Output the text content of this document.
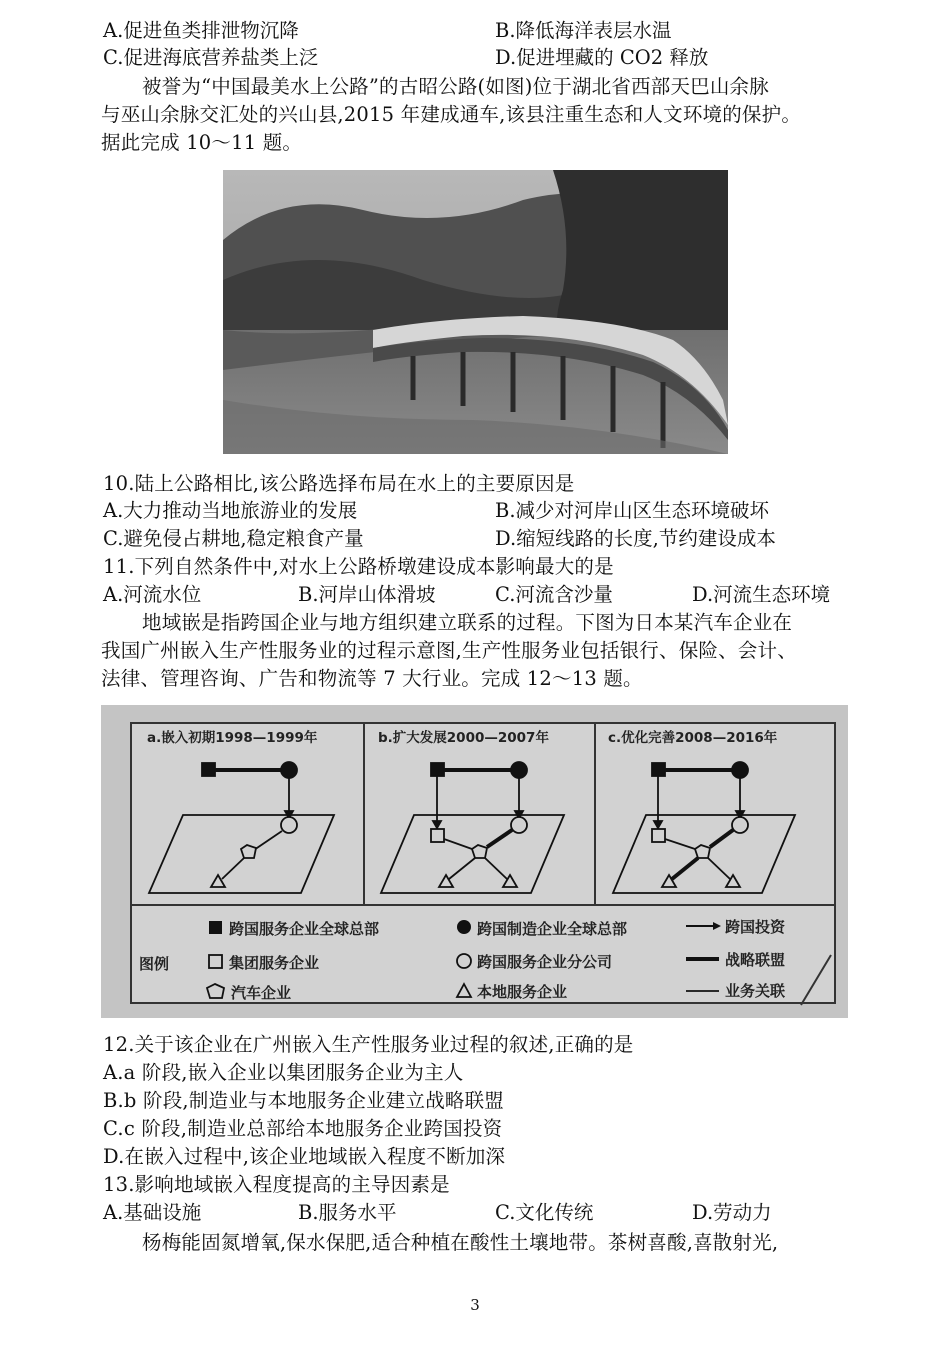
A.促进鱼类排泄物沉降	B.降低海洋表层水温
C.促进海底营养盐类上泛	D.促进埋藏的 CO2 释放
被誉为“中国最美水上公路”的古昭公路(如图)位于湖北省西部天巴山余脉
与巫山余脉交汇处的兴山县,2015 年建成通车,该县注重生态和人文环境的保护。
据此完成 10～11 题。
10.陆上公路相比,该公路选择布局在水上的主要原因是
A.大力推动当地旅游业的发展	B.减少对河岸山区生态环境破坏
C.避免侵占耕地,稳定粮食产量	D.缩短线路的长度,节约建设成本
11.下列自然条件中,对水上公路桥墩建设成本影响最大的是
A.河流水位	B.河岸山体滑坡	C.河流含沙量	D.河流生态环境
地域嵌是指跨国企业与地方组织建立联系的过程。下图为日本某汽车企业在
我国广州嵌入生产性服务业的过程示意图,生产性服务业包括银行、保险、会计、
法律、管理咨询、广告和物流等 7 大行业。完成 12～13 题。
a.嵌入初期1998—1999年	b.扩大发展2000—2007年	c.优化完善2008—2016年
图例
跨国服务企业全球总部	跨国制造企业全球总部	跨国投资
集团服务企业	跨国服务企业分公司	战略联盟
汽车企业	本地服务企业	业务关联
12.关于该企业在广州嵌入生产性服务业过程的叙述,正确的是
A.a 阶段,嵌入企业以集团服务企业为主人
B.b 阶段,制造业与本地服务企业建立战略联盟
C.c 阶段,制造业总部给本地服务企业跨国投资
D.在嵌入过程中,该企业地域嵌入程度不断加深
13.影响地域嵌入程度提高的主导因素是
A.基础设施	B.服务水平	C.文化传统	D.劳动力
杨梅能固氮增氧,保水保肥,适合种植在酸性土壤地带。茶树喜酸,喜散射光,
3
